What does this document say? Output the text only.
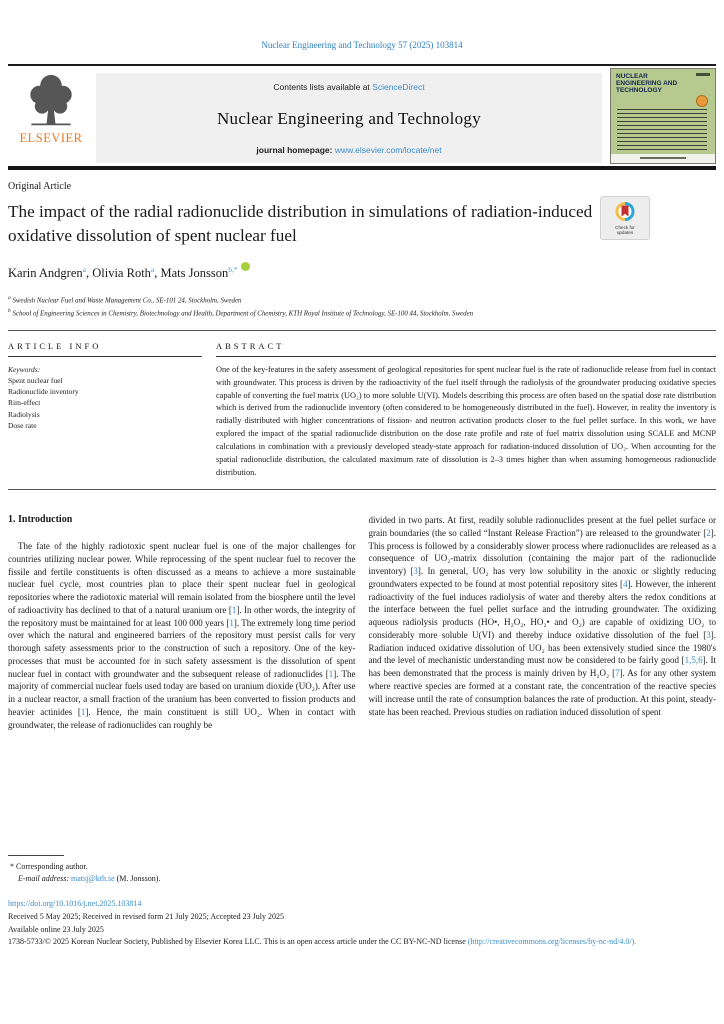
Nuclear Engineering and Technology 57 (2025) 103814
ELSEVIER
Contents lists available at ScienceDirect
Nuclear Engineering and Technology
journal homepage: www.elsevier.com/locate/net
NUCLEAR ENGINEERING AND TECHNOLOGY
Original Article
The impact of the radial radionuclide distribution in simulations of radiation-induced oxidative dissolution of spent nuclear fuel	Check for updates
Karin Andgren$^a$, Olivia Roth$^a$, Mats Jonsson$^{b,*}$
$^a$ Swedish Nuclear Fuel and Waste Management Co., SE-101 24, Stockholm, Sweden
$^b$ School of Engineering Sciences in Chemistry, Biotechnology and Health, Department of Chemistry, KTH Royal Institute of Technology, SE-100 44, Stockholm, Sweden
ARTICLE INFO
Keywords:
Spent nuclear fuel
Radionuclide inventory
Rim-effect
Radiolysis
Dose rate
ABSTRACT

One of the key-features in the safety assessment of geological repositories for spent nuclear fuel is the rate of radionuclide release from fuel in contact with groundwater. This process is driven by the radioactivity of the fuel itself through the radiolysis of the groundwater producing oxidative species capable of converting the fuel matrix (UO₂) to more soluble U(VI). Models describing this process are often based on the spatial dose rate distribution which is derived from the radionuclide inventory (often considered to be homogeneously distributed in the fuel). However, in reality the inventory is radially distributed with higher concentrations of fission- and neutron activation products closer to the fuel pellet surface. In this work, we have explored the impact of the spatial radionuclide distribution on the dose rate profile and rate of fuel matrix dissolution using SCALE and MCNP calculations in combination with a previously developed steady-state approach for radiation-induced dissolution of UO₂. When accounting for the spatial radionuclide distribution, the calculated maximum rate of dissolution is 2–3 times higher than when assuming homogeneous radionuclide distribution.

1. Introduction

The fate of the highly radiotoxic spent nuclear fuel is one of the major challenges for countries utilizing nuclear power. While reprocessing of the spent nuclear fuel to recover the fissile and fertile constituents is often discussed as a means to achieve a more sustainable nuclear fuel cycle, most countries plan to place their spent nuclear fuel in geological repositories where the radiotoxic material will remain isolated from the biosphere until the level of radioactivity has declined to that of a natural uranium ore [1]. In other words, the integrity of the repository must be maintained for at least 100 000 years [1]. The extremely long time period over which the natural and engineered barriers of the repository must persist calls for very thorough safety assessments prior to the construction of such a repository. One of the key-processes that must be accounted for in such safety assessment is the dissolution of spent nuclear fuel in contact with groundwater and the subsequent release of radionuclides [1]. The majority of commercial nuclear fuels used today are based on uranium dioxide (UO₂). After use in a nuclear reactor, a small fraction of the uranium has been converted to fission products and heavier actinides [1]. Hence, the main constituent is still UO₂. When in contact with groundwater, the release of radionuclides can roughly be

divided in two parts. At first, readily soluble radionuclides present at the fuel pellet surface or grain boundaries (the so called “Instant Release Fraction”) are released to the groundwater [2]. This process is followed by a considerably slower process where radionuclides are released as a consequence of UO₂-matrix dissolution (containing the major part of the radionuclide inventory) [3]. In general, UO₂ has very low solubility in the anoxic or slightly reducing groundwaters expected to be found at most potential repository sites [4]. However, the inherent radioactivity of the fuel induces radiolysis of water and thereby alters the redox conditions at the interface between the fuel pellet surface and the intruding groundwater. The oxidizing aqueous radiolysis products (HO•, H₂O₂, HO₂• and O₂) are capable of oxidizing UO₂ to considerably more soluble U(VI) and thereby induce oxidative dissolution of the fuel [3]. Radiation induced oxidative dissolution of UO₂ has been extensively studied since the 1980's and the level of mechanistic understanding must now be considered to be fairly good [1,5,6]. It has been demonstrated that the process is mainly driven by H₂O₂ [7]. As for any other system where reactive species are formed at a constant rate, the concentration of the reactive species will increase until the rate of consumption balances the rate of production. At this point, steady-state has been reached. Previous studies on radiation induced dissolution of spent

* Corresponding author.
E-mail address: matsj@kth.se (M. Jonsson).
https://doi.org/10.1016/j.net.2025.103814
Received 5 May 2025; Received in revised form 21 July 2025; Accepted 23 July 2025
Available online 23 July 2025
1738-5733/© 2025 Korean Nuclear Society, Published by Elsevier Korea LLC. This is an open access article under the CC BY-NC-ND license (http://creativecommons.org/licenses/by-nc-nd/4.0/).
